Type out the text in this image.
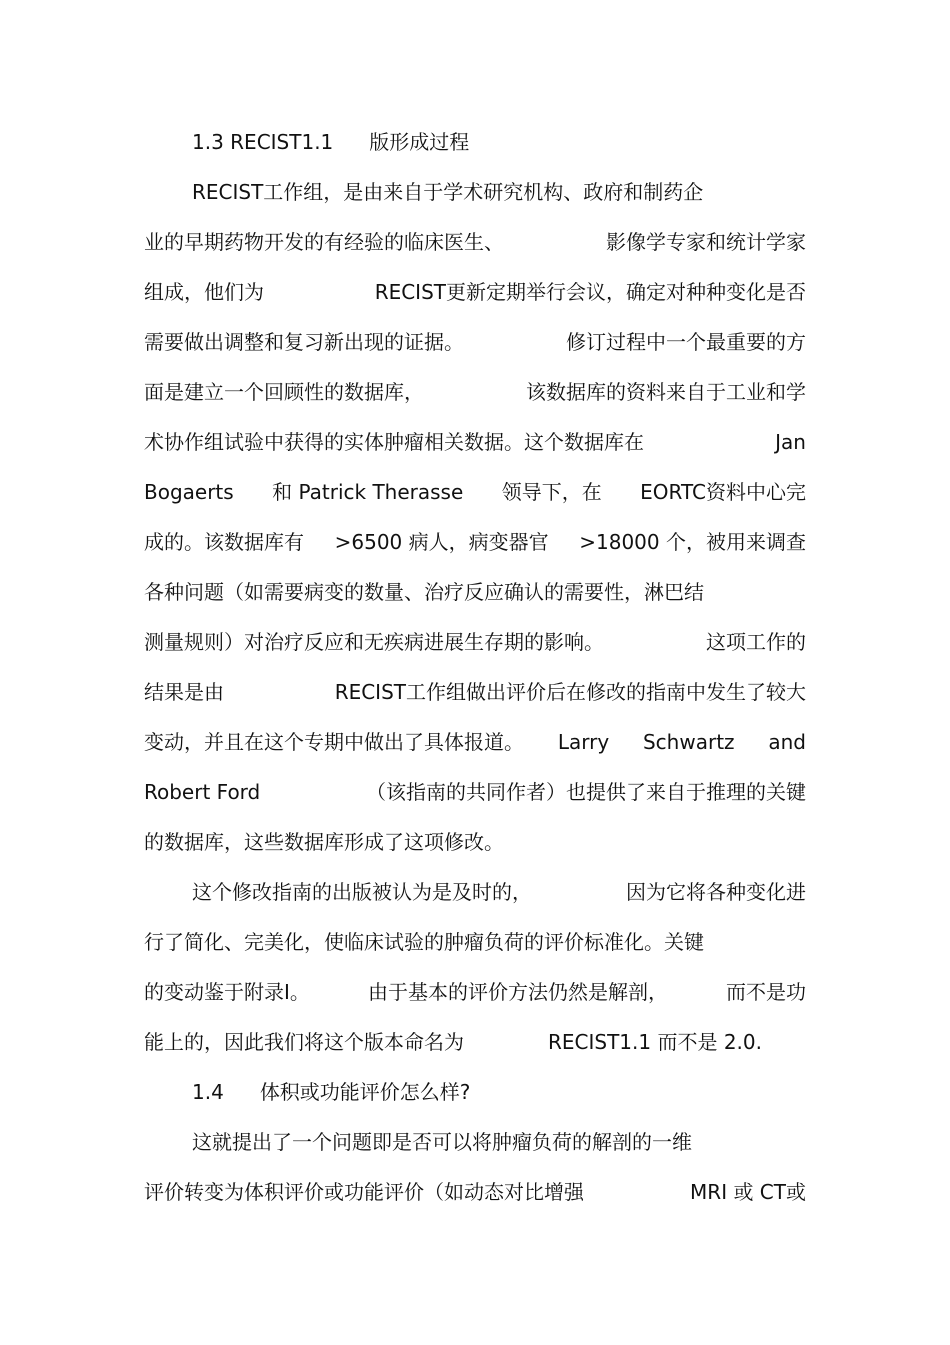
1.3 RECIST1.1 版形成过程
RECIST工作组，是由来自于学术研究机构、政府和制药企
业的早期药物开发的有经验的临床医生、	影像学专家和统计学家
组成，他们为	RECIST更新定期举行会议，确定对种种变化是否
需要做出调整和复习新出现的证据。	修订过程中一个最重要的方
面是建立一个回顾性的数据库，	该数据库的资料来自于工业和学
术协作组试验中获得的实体肿瘤相关数据。这个数据库在	Jan
Bogaerts 和 Patrick Therasse 领导下，在 EORTC资料中心完
成的。该数据库有 >6500 病人，病变器官 >18000 个，被用来调查
各种问题（如需要病变的数量、治疗反应确认的需要性，淋巴结
测量规则）对治疗反应和无疾病进展生存期的影响。	这项工作的
结果是由	RECIST工作组做出评价后在修改的指南中发生了较大
变动，并且在这个专期中做出了具体报道。 Larry Schwartz and
Robert Ford	（该指南的共同作者）也提供了来自于推理的关键
的数据库，这些数据库形成了这项修改。
这个修改指南的出版被认为是及时的，	因为它将各种变化进
行了简化、完美化，使临床试验的肿瘤负荷的评价标准化。关键
的变动鉴于附录Ⅰ。	由于基本的评价方法仍然是解剖，	而不是功
能上的，因此我们将这个版本命名为	RECIST1.1 而不是 2.0.
1.4 体积或功能评价怎么样?
这就提出了一个问题即是否可以将肿瘤负荷的解剖的一维
评价转变为体积评价或功能评价（如动态对比增强	MRI 或 CT或
